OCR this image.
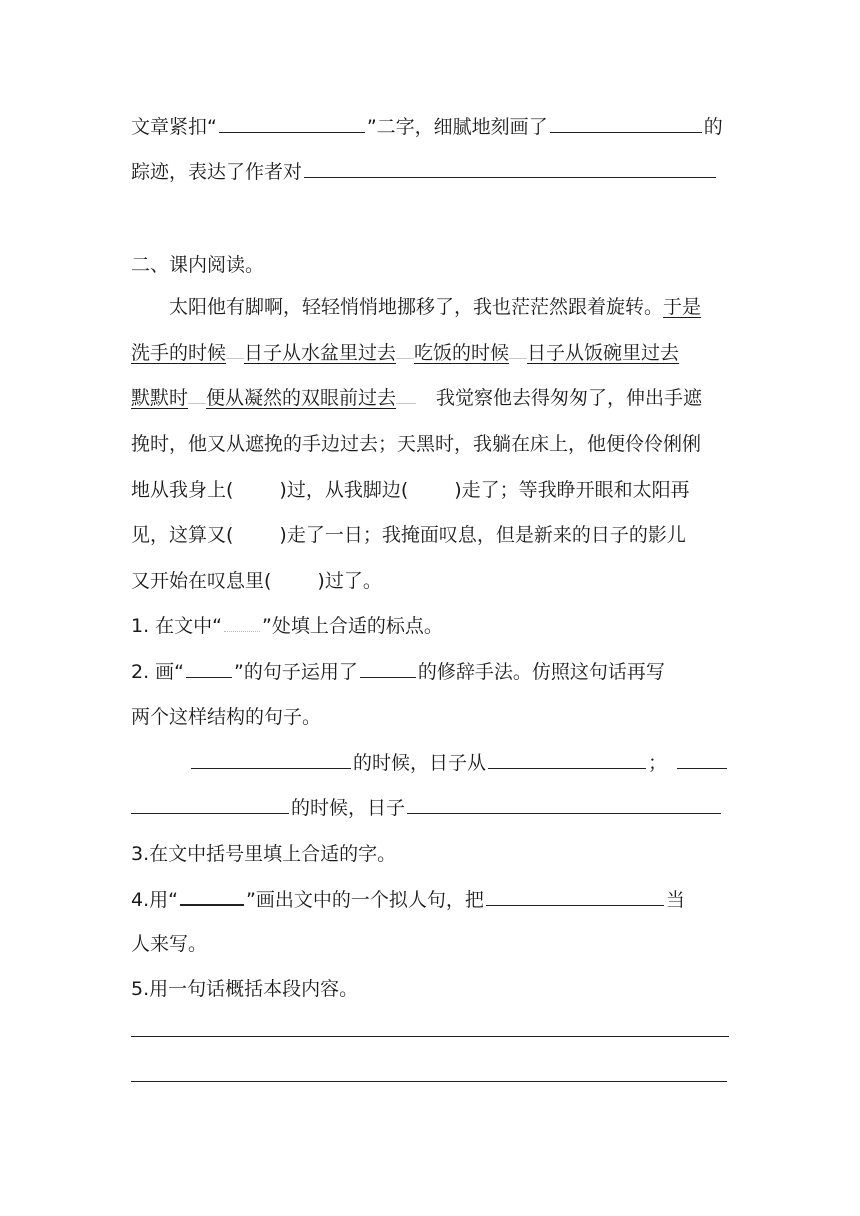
文章紧扣“	”二字，细腻地刻画了	的
踪迹，表达了作者对
二、课内阅读。
太阳他有脚啊，轻轻悄悄地挪移了，我也茫茫然跟着旋转。于是
洗手的时候 日子从水盆里过去 吃饭的时候 日子从饭碗里过去
默默时 便从凝然的双眼前过去 我觉察他去得匆匆了，伸出手遮
挽时，他又从遮挽的手边过去；天黑时，我躺在床上，他便伶伶俐俐
地从我身上( )过，从我脚边( )走了；等我睁开眼和太阳再
见，这算又( )走了一日；我掩面叹息，但是新来的日子的影儿
又开始在叹息里( )过了。
1. 在文中“ ”处填上合适的标点。
2. 画“	”的句子运用了	的修辞手法。仿照这句话再写
两个这样结构的句子。
的时候，日子从	；
的时候，日子
3.在文中括号里填上合适的字。
4.用“	”画出文中的一个拟人句，把	当
人来写。
5.用一句话概括本段内容。
